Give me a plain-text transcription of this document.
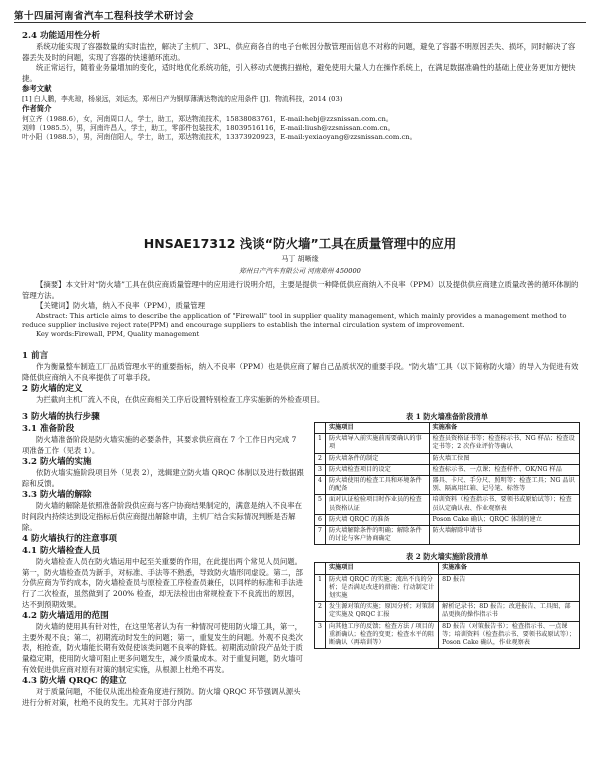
第十四届河南省汽车工程科技学术研讨会
2.4 功能适用性分析
系统功能实现了容器数量的实时监控，解决了主机厂、3PL、供应商各自的电子台帐因分散管理而信息不对称的问题，避免了容器不明原因丢失、损坏，同时解决了容器丢失及时的问题，实现了容器的快速循环流动。
统正常运行，随着业务量增加的变化，适时地优化系统功能，引入移动式便携扫描枪，避免使用大量人力在操作系统上，在满足数据准确性的基础上使业务更加方便快捷。
参考文献
[1] 白人鹏，李兆琼，杨泉远，刘运杰，郑州日产为钢厚薄满达物流的应用条件 [J]．物流科技，2014 (03)
作者简介
何立齐（1988.6），女，河南周口人，学士，助工，郑达物流技术，15838083761，E-mail:hebj@zzsnissan.com.cn。
刘帅（1985.5），男，河南许昌人，学士，助工，零部件包装技术，18039516116，E-mail:liush@zzsnissan.com.cn。
叶小阳（1988.5），男，河南信阳人，学士，助工，郑达物流技术，13373920923，E-mail:yexiaoyang@zzsnissan.com.cn。
HNSAE17312 浅谈“防火墙”工具在质量管理中的应用
马丁 胡晰缘
郑州日产汽车有限公司 河南郑州 450000
【摘要】本文针对“防火墙”工具在供应商质量管理中的应用进行说明介绍，主要是提供一种降低供应商纳入不良率（PPM）以及提供供应商建立质量改善的循环体制的管理方法。
【关键词】防火墙，纳入不良率（PPM），质量管理
Abstract: This article aims to describe the application of "Firewall" tool in supplier quality management, which mainly provides a management method to reduce supplier inclusive reject rate(PPM) and encourage suppliers to establish the internal circulation system of improvement.
Key words:Firewall, PPM, Quality management
1 前言
作为衡量整车制造工厂品质管理水平的重要指标，纳入不良率（PPM）也是供应商了解自己品质状况的重要手段。“防火墙”工具（以下简称防火墙）的导入为促进有效降低供应商纳入不良率提供了可靠手段。
2 防火墙的定义
为拦截向主机厂流入不良，在供应商相关工序后设置特别检查工序实施新的外检查项目。
3 防火墙的执行步骤
3.1 准备阶段
防火墙准备阶段是防火墙实施的必要条件，其要求供应商在 7 个工作日内完成 7 项准备工作（见表 1）。
3.2 防火墙的实施
依防火墙实施阶段项目外（见表 2），选辑建立防火墙 QRQC 体制以及进行数据跟踪和反馈。
3.3 防火墙的解除
防火墙的解除是依照准备阶段供应商与客户协商结果制定的，满意是纳入不良率在时间段内持续达到设定指标后供应商提出解除申请，主机厂结合实际情况判断是否解除。
4 防火墙执行的注意事项
4.1 防火墙检查人员
防火墙检查人员在防火墙运用中起至关重要的作用，在此提出两个常见人员问题。第一，防火墙检查员为新手，对标准、手法等不熟悉，导致防火墙形同虚设。第二，部分供应商为节约成本，防火墙检查员与原检查工序检查员兼任，以同样的标准和手法进行了二次检查，虽然做到了 200% 检查，却无法检出由常规检查下不良流出的原因，达不到预期效果。
4.2 防火墙适用的范围
防火墙的使用具有针对性，在这里笔者认为有一种情况可使用防火墙工具，第一，主要外观不良；第二，初期流动时发生的问题；第一，重复发生的问题。外观不良类次表，相抢查，防火墙能长期有效促使该类问题不良率的降低。初期流动阶段产品处于质量稳定期，使用防火墙可阻止更多问题发生，减少质量成本。对于重复问题，防火墙可有效促进供应商对原有对策的制定实施，从根源上杜绝不再发。
4.3 防火墙 QRQC 的建立
对于质量问题，不能仅从流出检查角度进行预防。防火墙 QRQC 环节强调从源头进行分析对策，杜绝不良的发生。尤其对于部分内部
表 1 防火墙准备阶段清单
	实施项目	实施准备
1	防火墙导入前实施前需要确认的事项	检查员资格证书等；检查标示书、NG 样品；检查设定书等；2 次作业评价等确认
2	防火墙条件的制定	防火墙工位图
3	防火墙检查项目的设定	检查标示书、一点课；检查样件、OK/NG 样品
4	防火墙使用的检查工具和环境条件的配备	器具、卡尺、手分尺、照明等；检查工具；NG 品识别、隔离用红箱、记号笔、标签等
5	面对认证检验项目时作业员的检查员资格认证	培训资料（检查指示书、要领书或原始试等）；检查员认定确认表、作业观察表
6	防火墙 QRQC 的准备	Poson Cake 确认；QRQC 体制的建立
7	防火墙解除条件的明确；解除条件的讨论与客户协商确定	防火墙解除申请书
表 2 防火墙实施阶段清单
	实施项目	实施准备
1	防火墙 QRQC 的实施；流出不良的分析；是否满足改进的措施；行动制定计划实施	8D 报告
2	发生源对策的实施；原因分析；对策制定实施及 QRQC 汇报	解析记录书；8D 报告；改进报告、工具图、部品更换的操作指示书
3	向其他工序的反馈；检查方法 / 项目的重新确认；检查的变更；检查水平的阻断确认（再培训等）	8D 报告（对策报告书）；检查指示书、一点课等；培训资料（检查指示书、要领书或原试等）；Poson Cake 确认，作业观察表
